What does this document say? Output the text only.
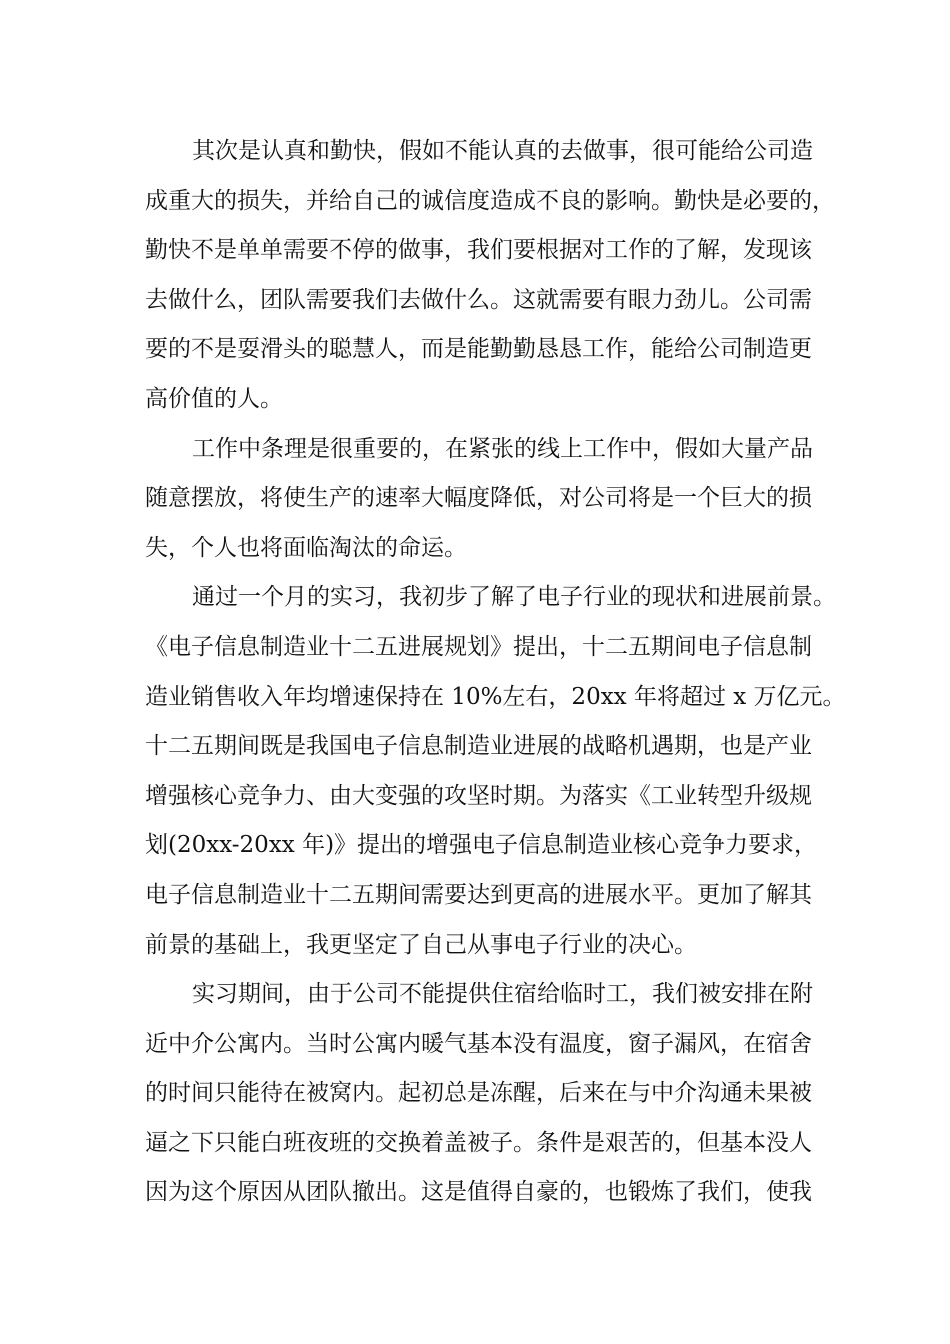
其次是认真和勤快，假如不能认真的去做事，很可能给公司造
成重大的损失，并给自己的诚信度造成不良的影响。勤快是必要的，
勤快不是单单需要不停的做事，我们要根据对工作的了解，发现该
去做什么，团队需要我们去做什么。这就需要有眼力劲儿。公司需
要的不是耍滑头的聪慧人，而是能勤勤恳恳工作，能给公司制造更
高价值的人。
工作中条理是很重要的，在紧张的线上工作中，假如大量产品
随意摆放，将使生产的速率大幅度降低，对公司将是一个巨大的损
失，个人也将面临淘汰的命运。
通过一个月的实习，我初步了解了电子行业的现状和进展前景。
《电子信息制造业十二五进展规划》提出，十二五期间电子信息制
造业销售收入年均增速保持在 10%左右，20xx 年将超过 x 万亿元。
十二五期间既是我国电子信息制造业进展的战略机遇期，也是产业
增强核心竞争力、由大变强的攻坚时期。为落实《工业转型升级规
划(20xx-20xx 年)》提出的增强电子信息制造业核心竞争力要求，
电子信息制造业十二五期间需要达到更高的进展水平。更加了解其
前景的基础上，我更坚定了自己从事电子行业的决心。
实习期间，由于公司不能提供住宿给临时工，我们被安排在附
近中介公寓内。当时公寓内暖气基本没有温度，窗子漏风，在宿舍
的时间只能待在被窝内。起初总是冻醒，后来在与中介沟通未果被
逼之下只能白班夜班的交换着盖被子。条件是艰苦的，但基本没人
因为这个原因从团队撤出。这是值得自豪的，也锻炼了我们，使我
